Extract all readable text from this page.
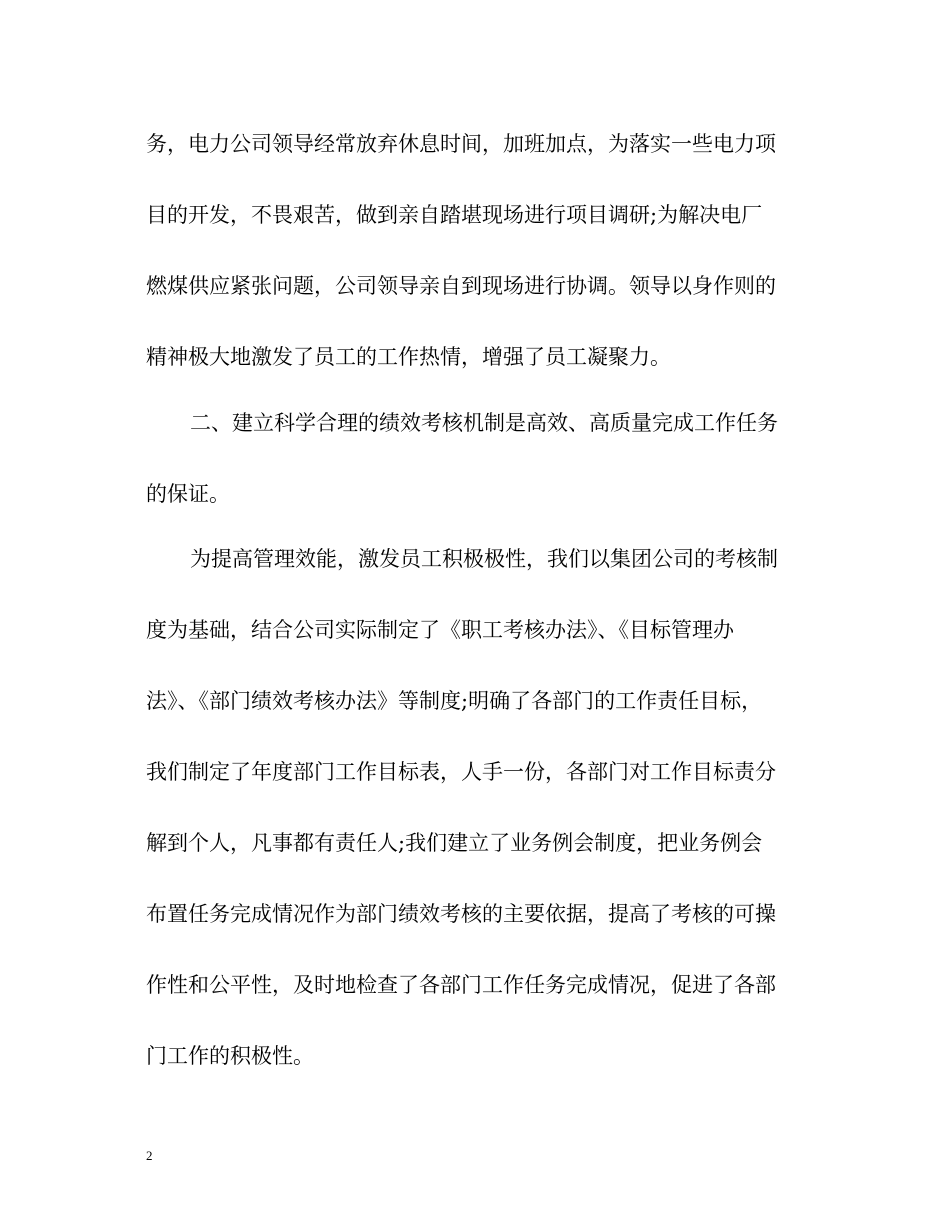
务，电力公司领导经常放弃休息时间，加班加点，为落实一些电力项
目的开发，不畏艰苦，做到亲自踏堪现场进行项目调研;为解决电厂
燃煤供应紧张问题，公司领导亲自到现场进行协调。领导以身作则的
精神极大地激发了员工的工作热情，增强了员工凝聚力。
二、建立科学合理的绩效考核机制是高效、高质量完成工作任务
的保证。
为提高管理效能，激发员工积极极性，我们以集团公司的考核制
度为基础，结合公司实际制定了《职工考核办法》、《目标管理办
法》、《部门绩效考核办法》等制度;明确了各部门的工作责任目标，
我们制定了年度部门工作目标表，人手一份，各部门对工作目标责分
解到个人，凡事都有责任人;我们建立了业务例会制度，把业务例会
布置任务完成情况作为部门绩效考核的主要依据，提高了考核的可操
作性和公平性，及时地检查了各部门工作任务完成情况，促进了各部
门工作的积极性。
2
